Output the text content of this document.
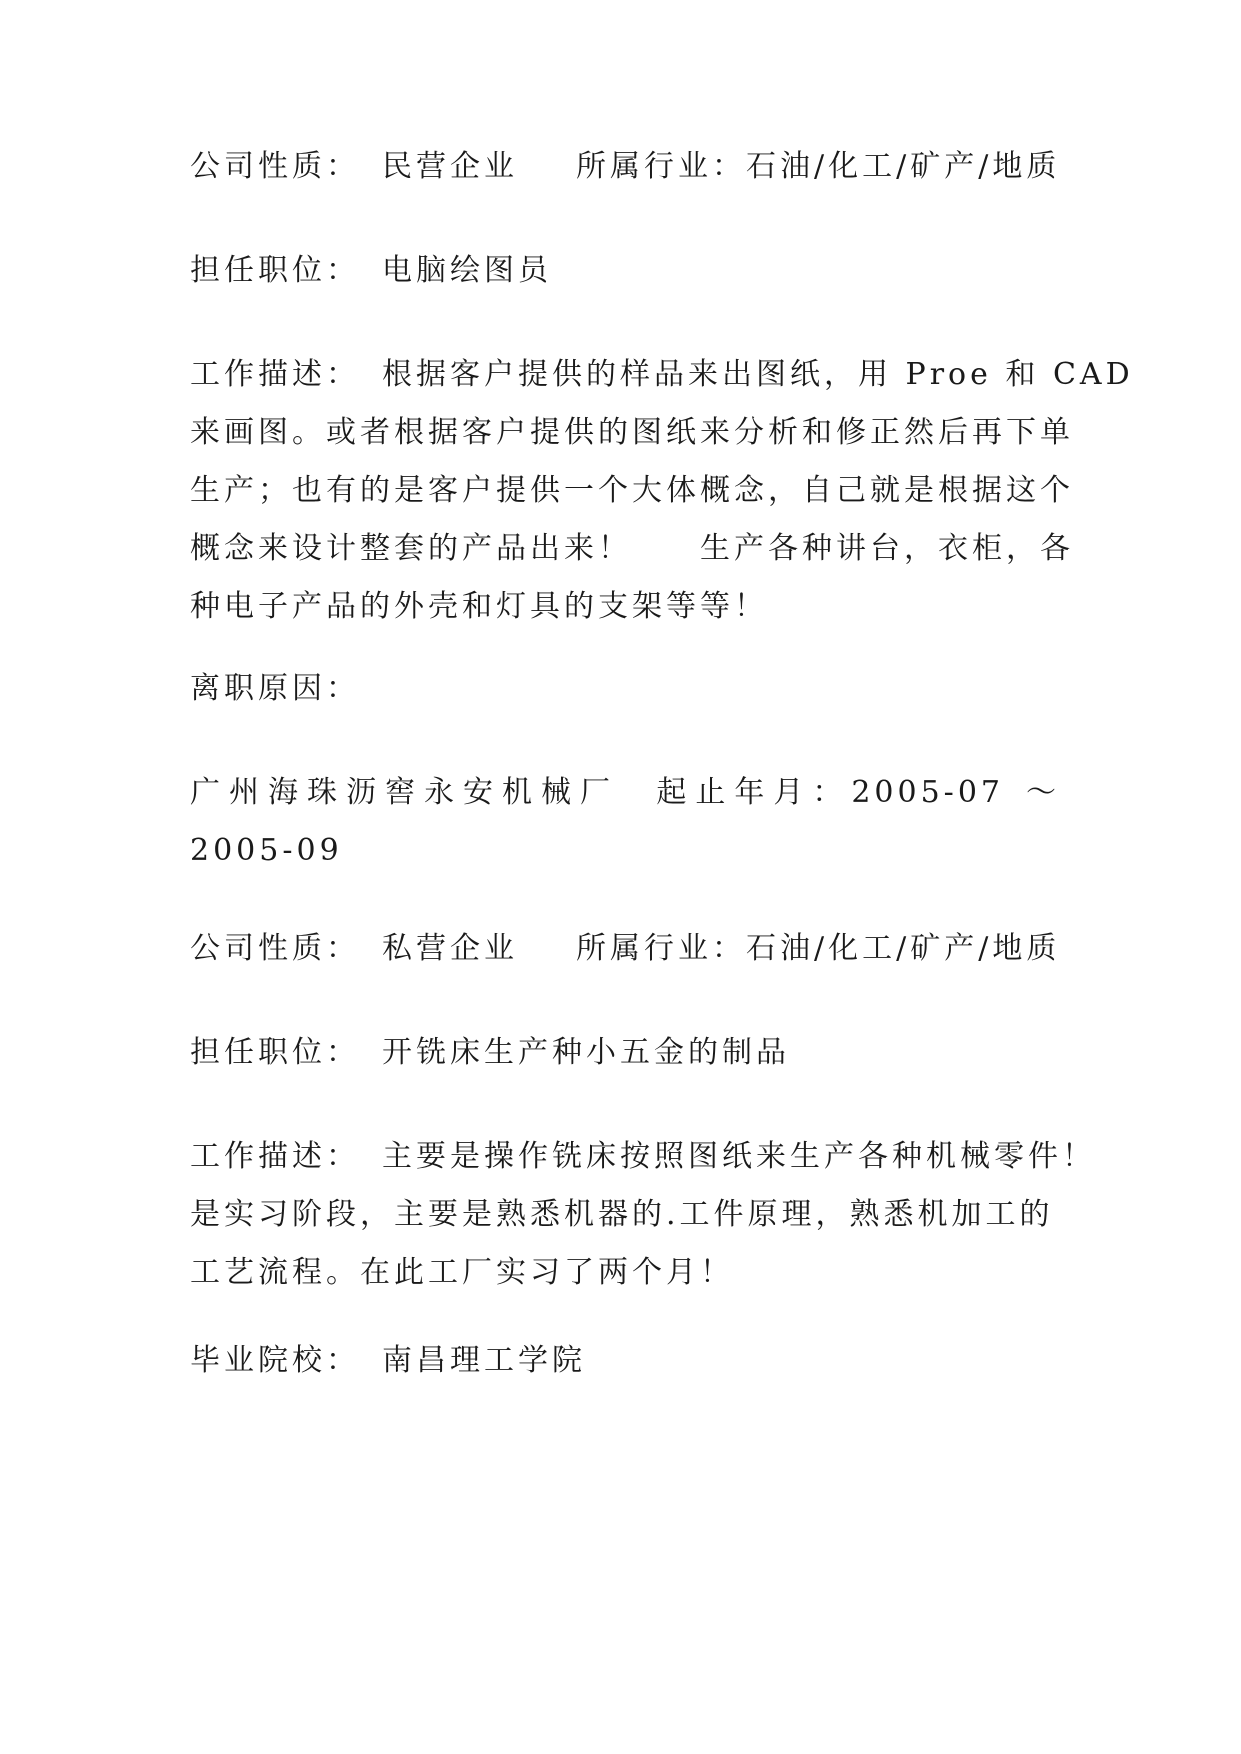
公司性质： 民营企业 所属行业：石油/化工/矿产/地质
担任职位： 电脑绘图员
工作描述： 根据客户提供的样品来出图纸，用 Proe 和 CAD
来画图。或者根据客户提供的图纸来分析和修正然后再下单
生产；也有的是客户提供一个大体概念，自己就是根据这个
概念来设计整套的产品出来！　　生产各种讲台，衣柜，各
种电子产品的外壳和灯具的支架等等！
离职原因：
广州海珠沥窖永安机械厂 起止年月：2005-07 ～
2005-09
公司性质： 私营企业 所属行业：石油/化工/矿产/地质
担任职位： 开铣床生产种小五金的制品
工作描述： 主要是操作铣床按照图纸来生产各种机械零件！
是实习阶段，主要是熟悉机器的.工件原理，熟悉机加工的
工艺流程。在此工厂实习了两个月！
毕业院校： 南昌理工学院
